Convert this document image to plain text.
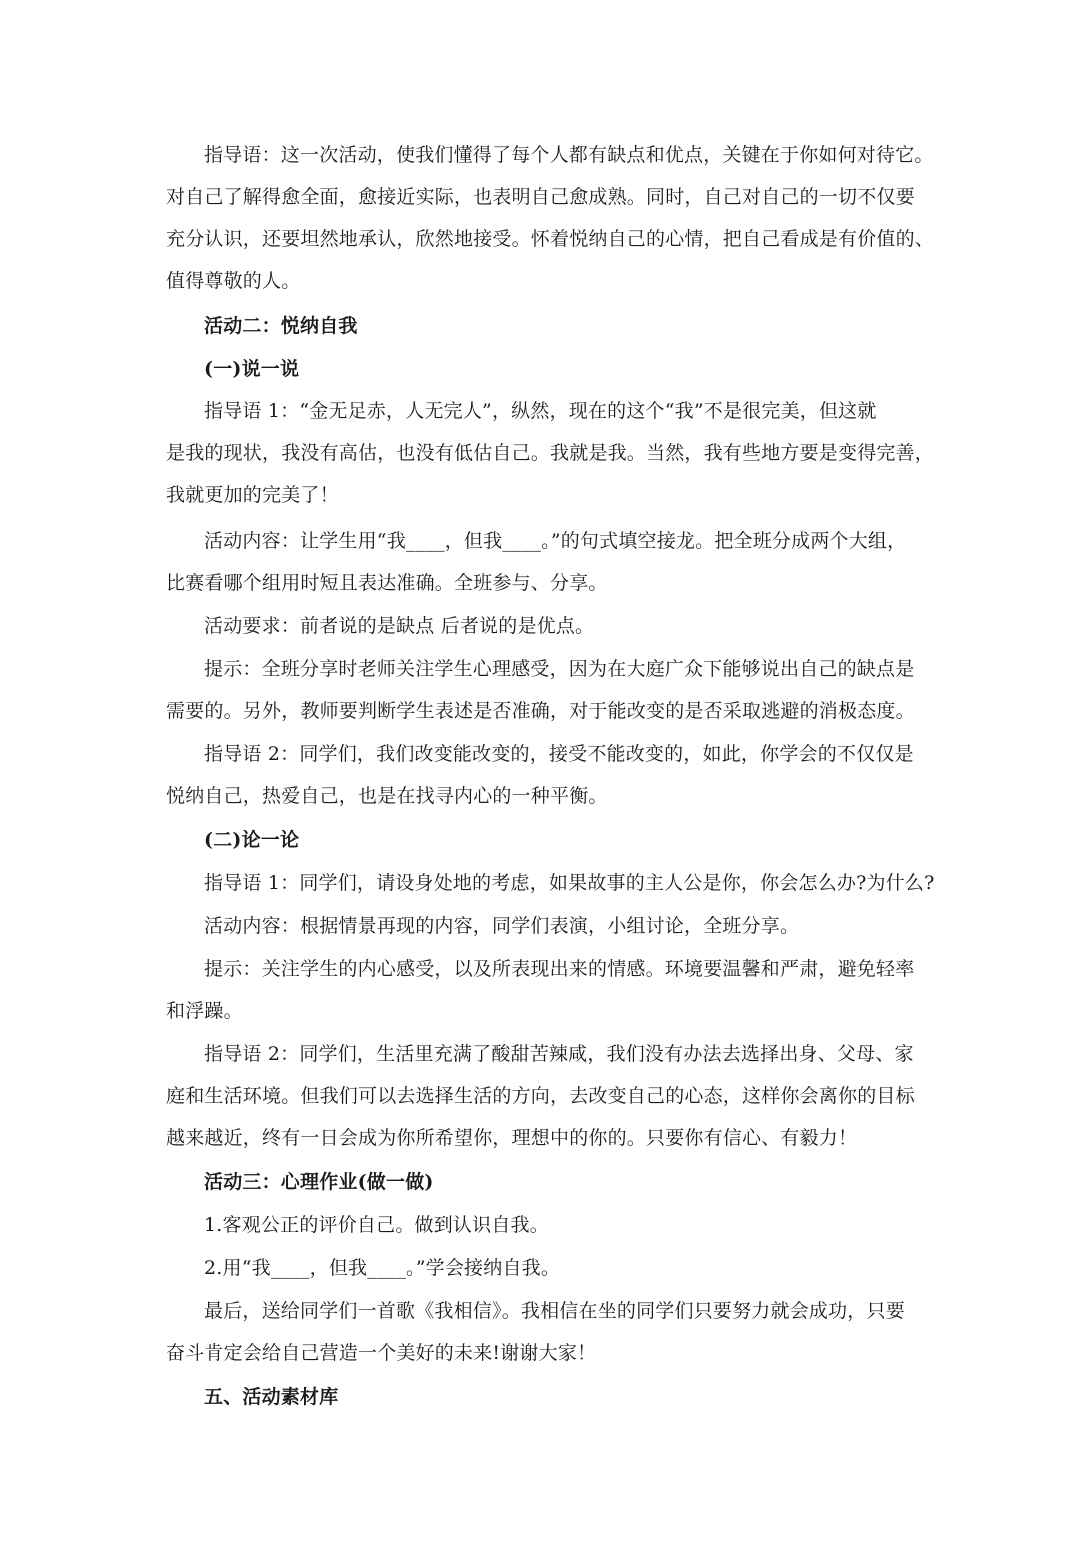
指导语：这一次活动，使我们懂得了每个人都有缺点和优点，关键在于你如何对待它。
对自己了解得愈全面，愈接近实际，也表明自己愈成熟。同时，自己对自己的一切不仅要
充分认识，还要坦然地承认，欣然地接受。怀着悦纳自己的心情，把自己看成是有价值的、
值得尊敬的人。
活动二：悦纳自我
(一)说一说
指导语 1：“金无足赤，人无完人”，纵然，现在的这个“我”不是很完美，但这就
是我的现状，我没有高估，也没有低估自己。我就是我。当然，我有些地方要是变得完善，
我就更加的完美了！
活动内容：让学生用“我____，但我____。”的句式填空接龙。把全班分成两个大组，
比赛看哪个组用时短且表达准确。全班参与、分享。
活动要求：前者说的是缺点 后者说的是优点。
提示：全班分享时老师关注学生心理感受，因为在大庭广众下能够说出自己的缺点是
需要的。另外，教师要判断学生表述是否准确，对于能改变的是否采取逃避的消极态度。
指导语 2：同学们，我们改变能改变的，接受不能改变的，如此，你学会的不仅仅是
悦纳自己，热爱自己，也是在找寻内心的一种平衡。
(二)论一论
指导语 1：同学们，请设身处地的考虑，如果故事的主人公是你，你会怎么办?为什么?
活动内容：根据情景再现的内容，同学们表演，小组讨论，全班分享。
提示：关注学生的内心感受，以及所表现出来的情感。环境要温馨和严肃，避免轻率
和浮躁。
指导语 2：同学们，生活里充满了酸甜苦辣咸，我们没有办法去选择出身、父母、家
庭和生活环境。但我们可以去选择生活的方向，去改变自己的心态，这样你会离你的目标
越来越近，终有一日会成为你所希望你，理想中的你的。只要你有信心、有毅力！
活动三：心理作业(做一做)
1.客观公正的评价自己。做到认识自我。
2.用“我____，但我____。”学会接纳自我。
最后，送给同学们一首歌《我相信》。我相信在坐的同学们只要努力就会成功，只要
奋斗肯定会给自己营造一个美好的未来!谢谢大家！
五、活动素材库
